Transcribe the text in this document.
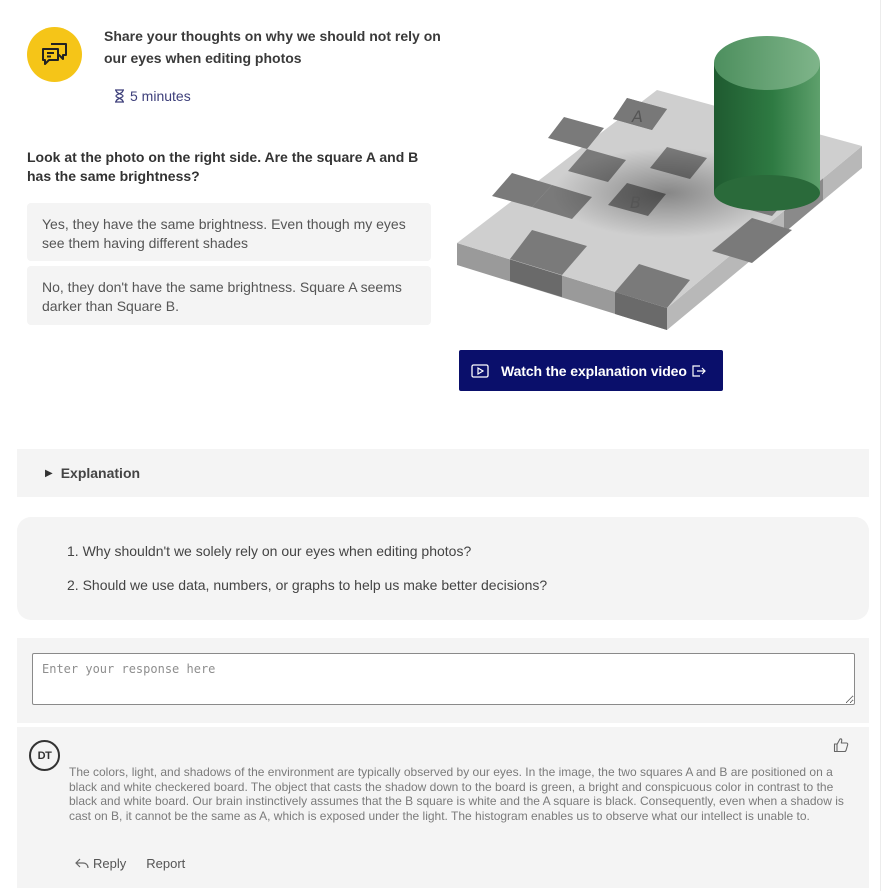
Share your thoughts on why we should not rely on our eyes when editing photos
5 minutes
Look at the photo on the right side. Are the square A and B has the same brightness?
Yes, they have the same brightness. Even though my eyes see them having different shades
No, they don't have the same brightness. Square A seems darker than Square B.
A
B
Watch the explanation video
▶ Explanation
1. Why shouldn't we solely rely on our eyes when editing photos?
2. Should we use data, numbers, or graphs to help us make better decisions?
Enter your response here
DT
The colors, light, and shadows of the environment are typically observed by our eyes. In the image, the two squares A and B are positioned on a black and white checkered board. The object that casts the shadow down to the board is green, a bright and conspicuous color in contrast to the black and white board. Our brain instinctively assumes that the B square is white and the A square is black. Consequently, even when a shadow is cast on B, it cannot be the same as A, which is exposed under the light. The histogram enables us to observe what our intellect is unable to.
Reply Report
